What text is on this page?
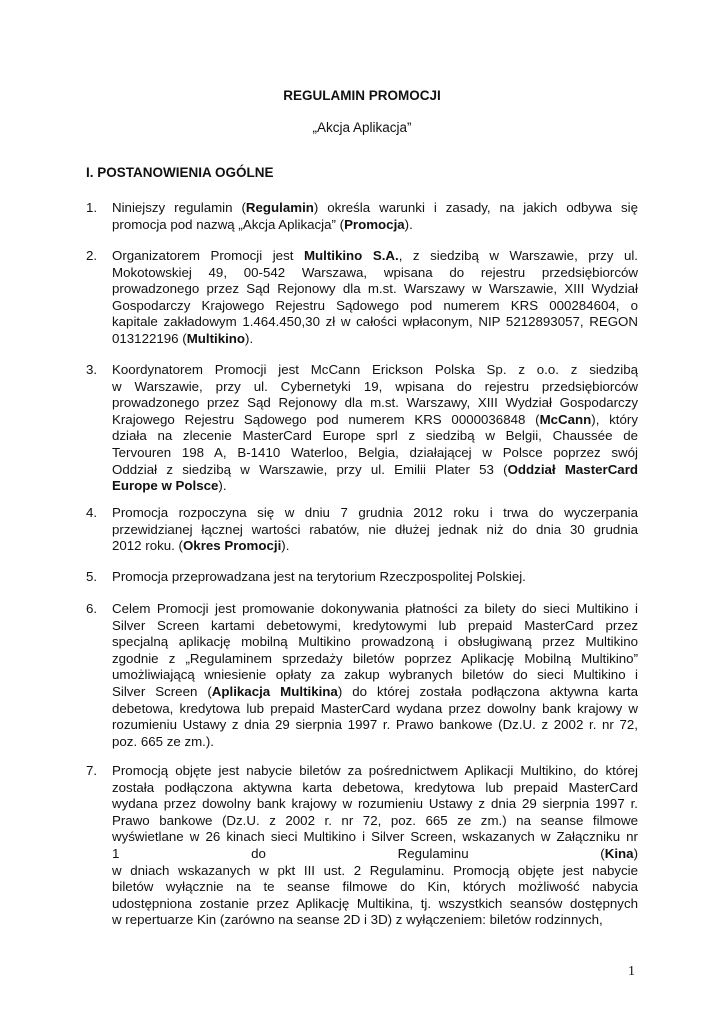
REGULAMIN PROMOCJI
„Akcja Aplikacja”
I. POSTANOWIENIA OGÓLNE
1.	Niniejszy regulamin (Regulamin) określa warunki i zasady, na jakich odbywa się
promocja pod nazwą „Akcja Aplikacja” (Promocja).
2.	Organizatorem Promocji jest Multikino S.A., z siedzibą w Warszawie, przy ul.
Mokotowskiej 49, 00-542 Warszawa, wpisana do rejestru przedsiębiorców
prowadzonego przez Sąd Rejonowy dla m.st. Warszawy w Warszawie, XIII Wydział
Gospodarczy Krajowego Rejestru Sądowego pod numerem KRS 000284604, o
kapitale zakładowym 1.464.450,30 zł w całości wpłaconym, NIP 5212893057, REGON
013122196 (Multikino).
3.	Koordynatorem Promocji jest McCann Erickson Polska Sp. z o.o. z siedzibą
w Warszawie, przy ul. Cybernetyki 19, wpisana do rejestru przedsiębiorców
prowadzonego przez Sąd Rejonowy dla m.st. Warszawy, XIII Wydział Gospodarczy
Krajowego Rejestru Sądowego pod numerem KRS 0000036848 (McCann), który
działa na zlecenie MasterCard Europe sprl z siedzibą w Belgii, Chaussée de
Tervouren 198 A, B-1410 Waterloo, Belgia, działającej w Polsce poprzez swój
Oddział z siedzibą w Warszawie, przy ul. Emilii Plater 53 (Oddział MasterCard
Europe w Polsce).
4.	Promocja rozpoczyna się w dniu 7 grudnia 2012 roku i trwa do wyczerpania
przewidzianej łącznej wartości rabatów, nie dłużej jednak niż do dnia 30 grudnia
2012 roku. (Okres Promocji).
5.	Promocja przeprowadzana jest na terytorium Rzeczpospolitej Polskiej.
6.	Celem Promocji jest promowanie dokonywania płatności za bilety do sieci Multikino i
Silver Screen kartami debetowymi, kredytowymi lub prepaid MasterCard przez
specjalną aplikację mobilną Multikino prowadzoną i obsługiwaną przez Multikino
zgodnie z „Regulaminem sprzedaży biletów poprzez Aplikację Mobilną Multikino”
umożliwiającą wniesienie opłaty za zakup wybranych biletów do sieci Multikino i
Silver Screen (Aplikacja Multikina) do której została podłączona aktywna karta
debetowa, kredytowa lub prepaid MasterCard wydana przez dowolny bank krajowy w
rozumieniu Ustawy z dnia 29 sierpnia 1997 r. Prawo bankowe (Dz.U. z 2002 r. nr 72,
poz. 665 ze zm.).
7.	Promocją objęte jest nabycie biletów za pośrednictwem Aplikacji Multikino, do której
została podłączona aktywna karta debetowa, kredytowa lub prepaid MasterCard
wydana przez dowolny bank krajowy w rozumieniu Ustawy z dnia 29 sierpnia 1997 r.
Prawo bankowe (Dz.U. z 2002 r. nr 72, poz. 665 ze zm.) na seanse filmowe
wyświetlane w 26 kinach sieci Multikino i Silver Screen, wskazanych w Załączniku nr
1 do Regulaminu (Kina)
w dniach wskazanych w pkt III ust. 2 Regulaminu. Promocją objęte jest nabycie
biletów wyłącznie na te seanse filmowe do Kin, których możliwość nabycia
udostępniona zostanie przez Aplikację Multikina, tj. wszystkich seansów dostępnych
w repertuarze Kin (zarówno na seanse 2D i 3D) z wyłączeniem: biletów rodzinnych,
1
